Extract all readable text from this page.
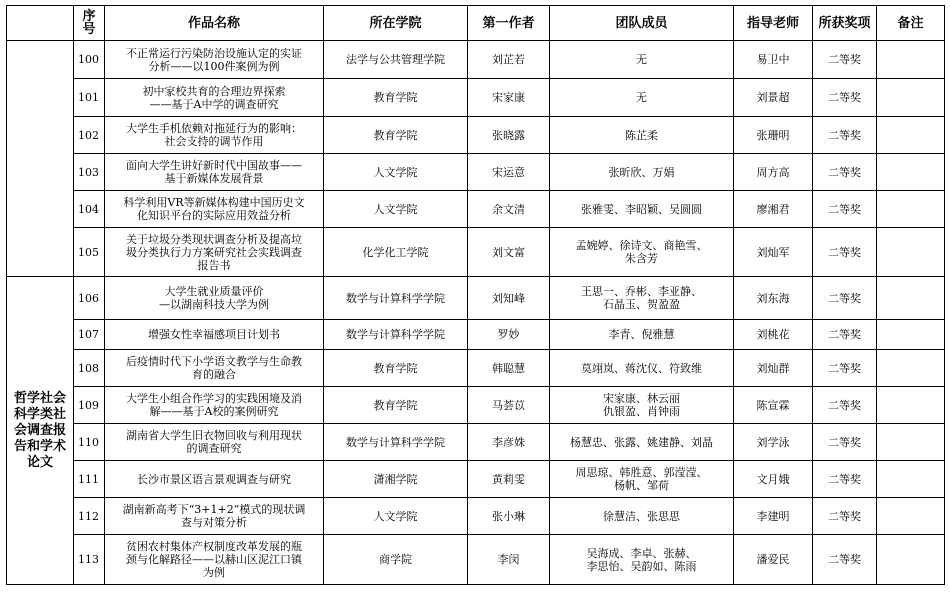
	序号	作品名称	所在学院	第一作者	团队成员	指导老师	所获奖项	备注

	100	不正常运行污染防治设施认定的实证
分析——以100件案例为例	法学与公共管理学院	刘芷若	无	易卫中	二等奖	

	101	初中家校共育的合理边界探索
——基于A中学的调查研究	教育学院	宋家康	无	刘景超	二等奖	

	102	大学生手机依赖对拖延行为的影响：
社会支持的调节作用	教育学院	张晓露	陈芷柔	张珊明	二等奖	

	103	面向大学生讲好新时代中国故事——
基于新媒体发展背景	人文学院	宋运意	张昕欣、万娟	周方高	二等奖	

	104	科学利用VR等新媒体构建中国历史文
化知识平台的实际应用效益分析	人文学院	余文清	张雅雯、李昭颖、吴圆圆	廖湘君	二等奖	

	105	关于垃圾分类现状调查分析及提高垃
圾分类执行力方案研究社会实践调查
报告书	化学化工学院	刘文富	孟婉婷、徐诗文、商艳雪、
朱含芳	刘灿军	二等奖	

哲学社会科学类社会调查报告和学术论文	106	大学生就业质量评价
—以湖南科技大学为例	数学与计算科学学院	刘知峰	王思一、乔彬、李亚静、
石晶玉、贺盈盈	刘东海	二等奖	

	107	增强女性幸福感项目计划书	数学与计算科学学院	罗妙	李青、倪雅慧	刘桃花	二等奖	

	108	后疫情时代下小学语文教学与生命教
育的融合	教育学院	韩聪慧	莫翊岚、蒋沈仪、符致维	刘灿群	二等奖	

	109	大学生小组合作学习的实践困境及消
解——基于A校的案例研究	教育学院	马荟苡	宋家康、林云丽
仇银盈、肖钟雨	陈宣霖	二等奖	

	110	湖南省大学生旧衣物回收与利用现状
的调查研究	数学与计算科学学院	李彦姝	杨慧忠、张露、姚建静、刘晶	刘学泳	二等奖	

	111	长沙市景区语言景观调查与研究	潇湘学院	黄莉雯	周思琼、韩胜意、郭滢滢、
杨帆、邹荷	文月娥	二等奖	

	112	湖南新高考下“3+1+2”模式的现状调
查与对策分析	人文学院	张小琳	徐慧洁、张思思	李建明	二等奖	

	113	贫困农村集体产权制度改革发展的瓶
颈与化解路径——以赫山区泥江口镇
为例	商学院	李闵	吴海成、李卓、张赫、
李思怡、吴韵如、陈雨	潘爱民	二等奖	
